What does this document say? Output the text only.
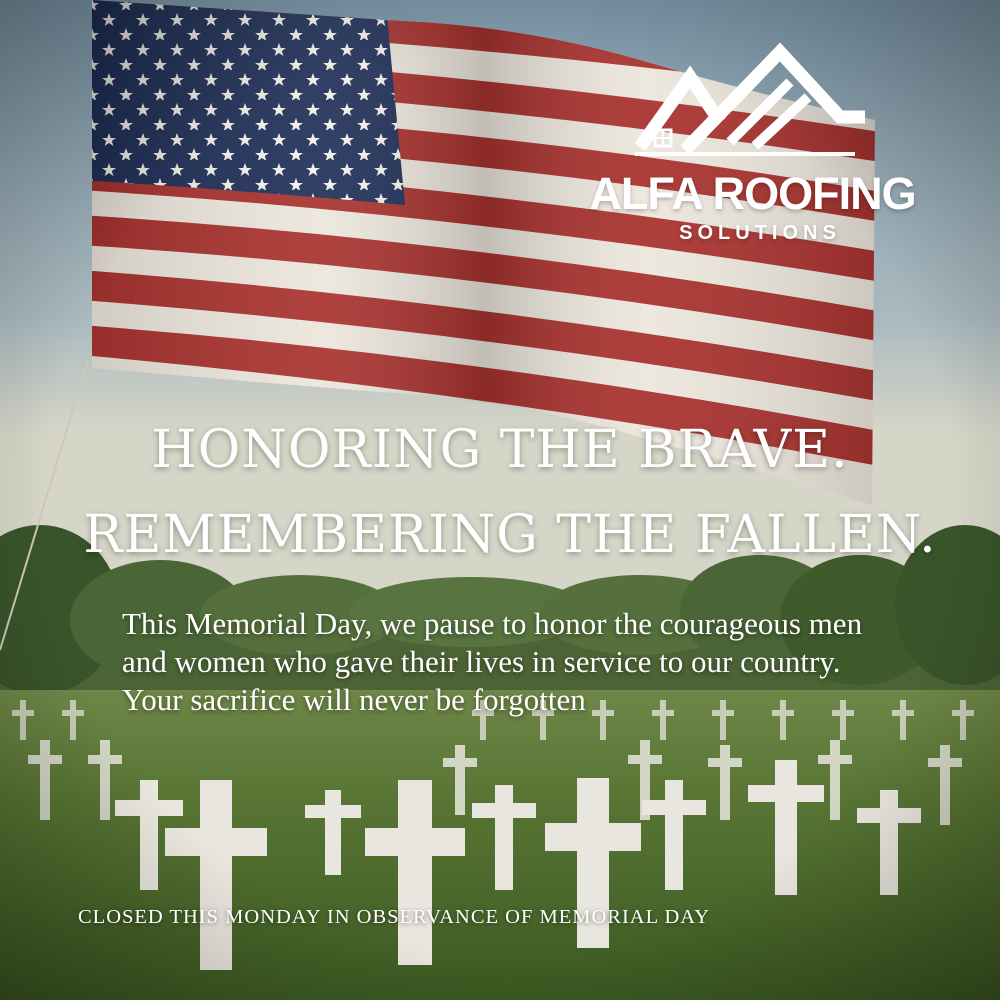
ALFA ROOFING
SOLUTIONS
HONORING THE BRAVE.
REMEMBERING THE FALLEN.

This Memorial Day, we pause to honor the courageous men and women who gave their lives in service to our country. Your sacrifice will never be forgotten

CLOSED THIS MONDAY IN OBSERVANCE OF MEMORIAL DAY
